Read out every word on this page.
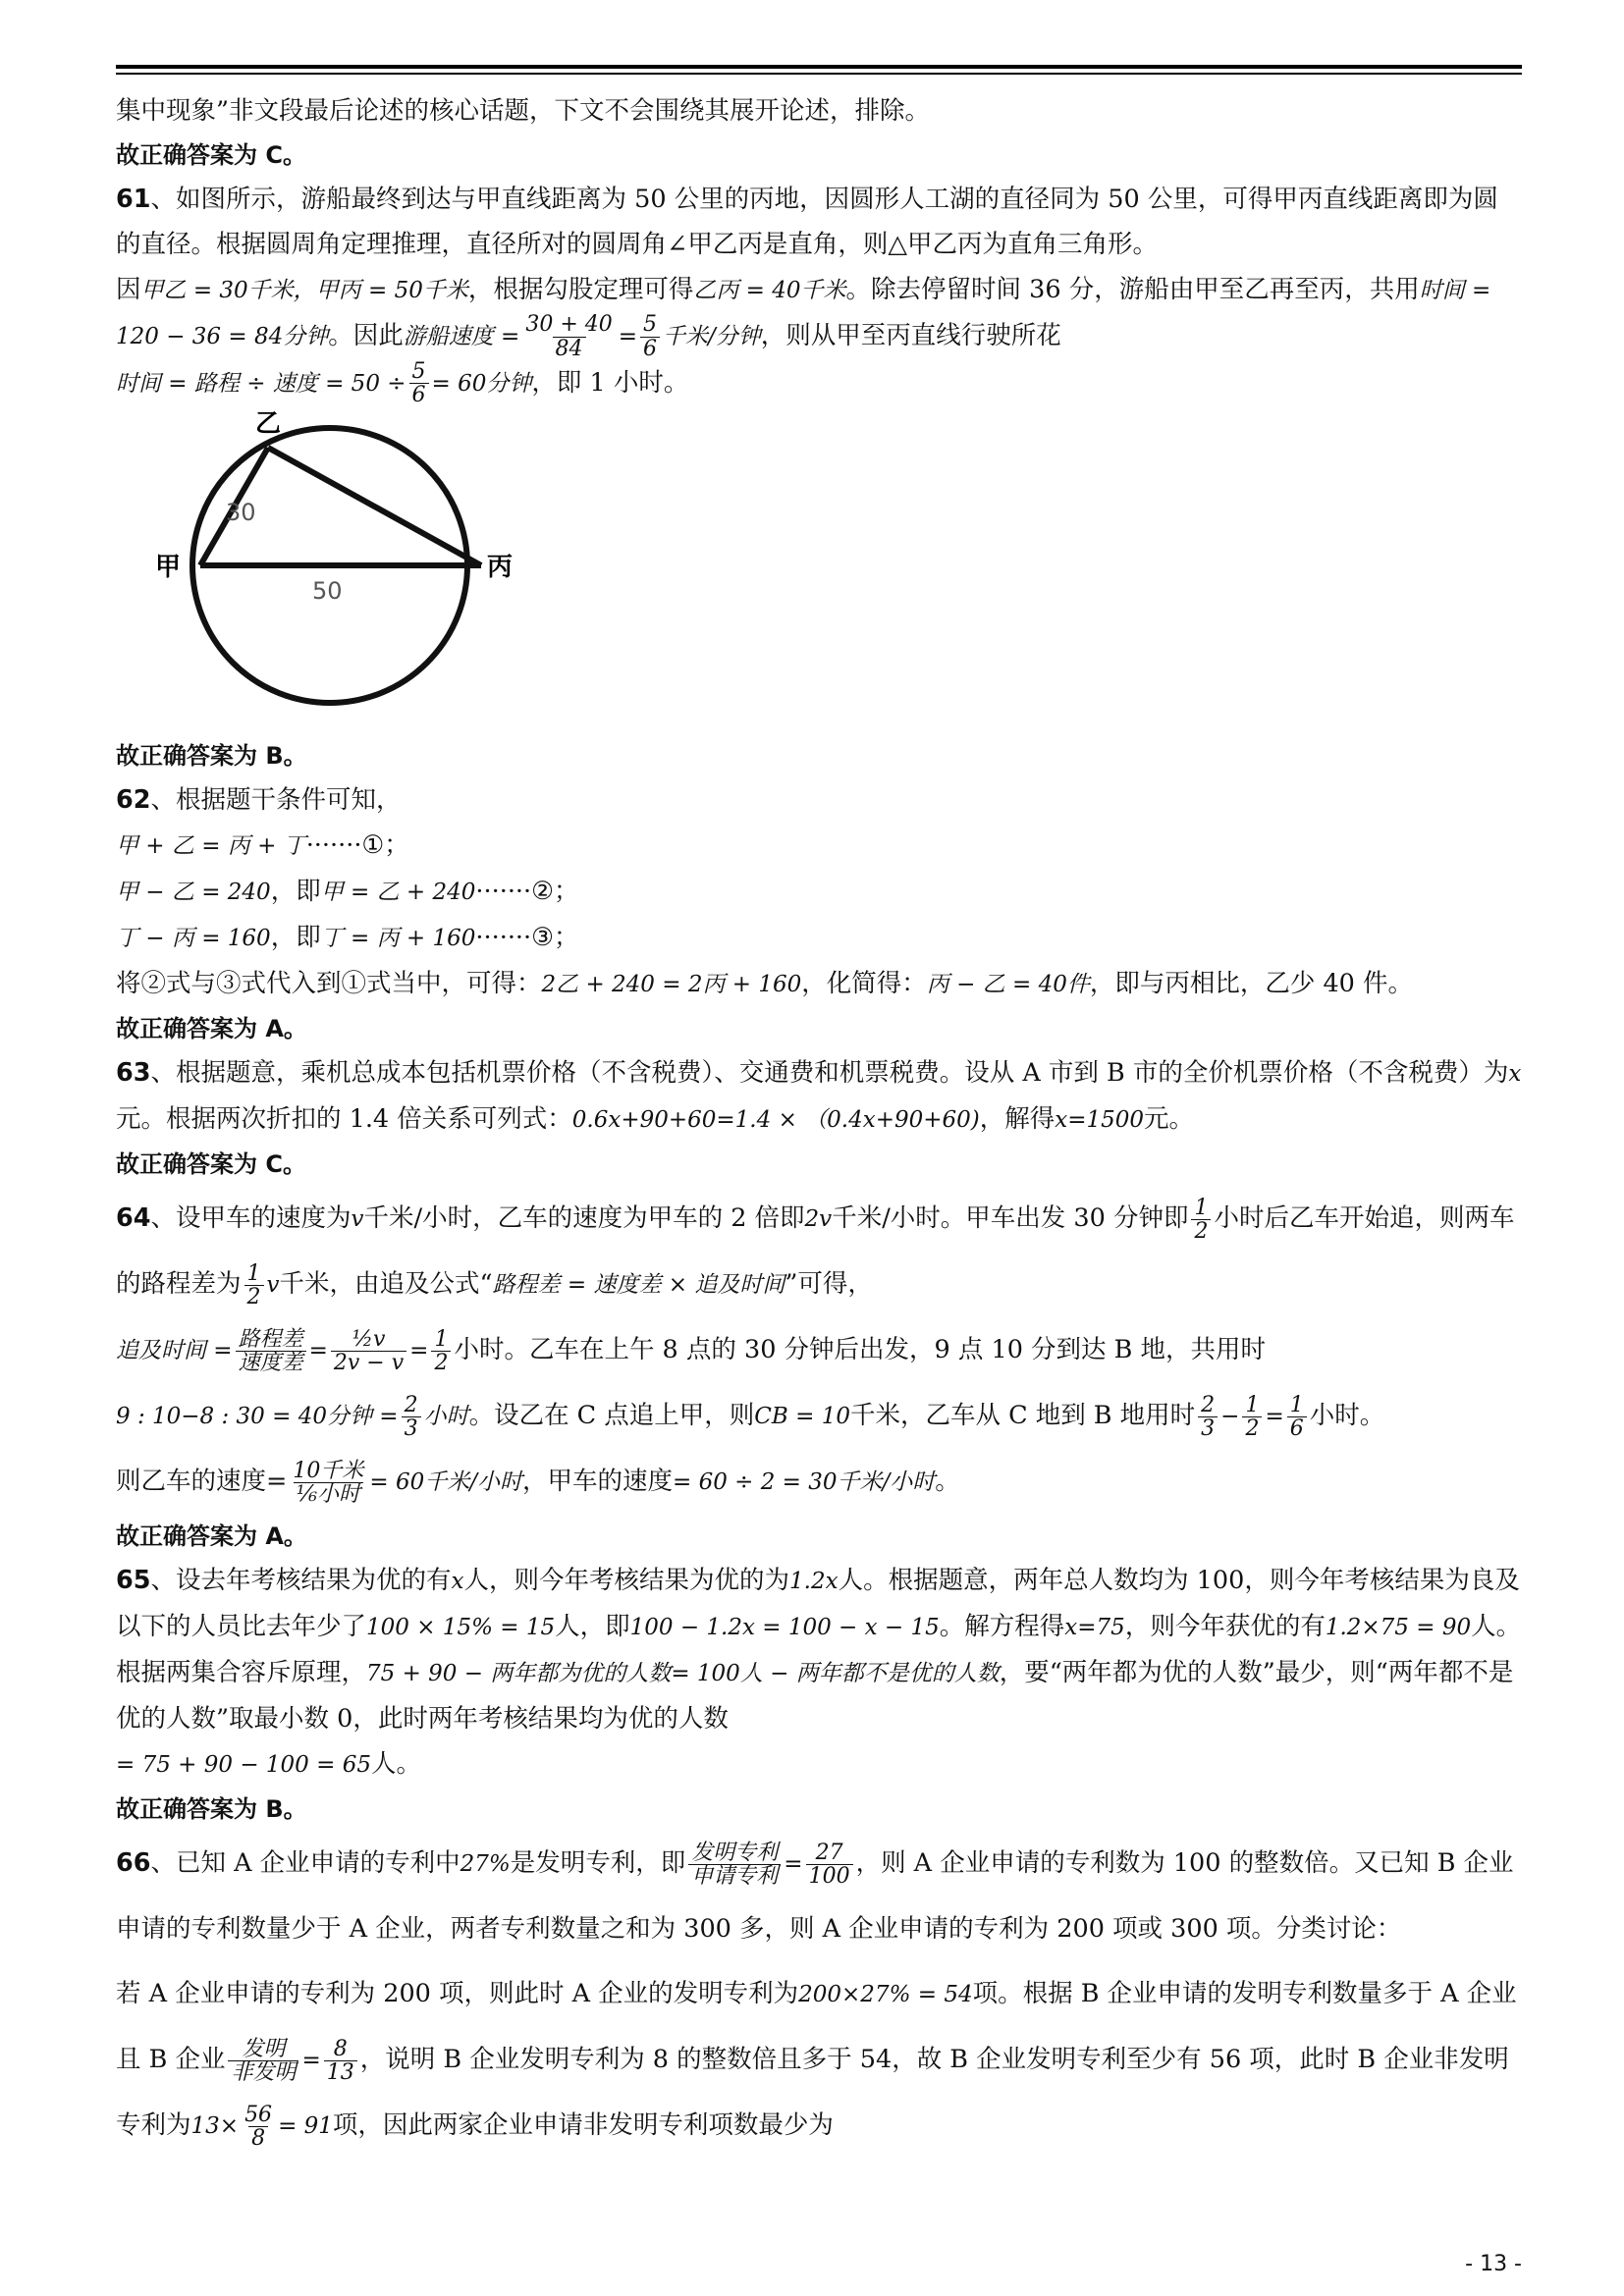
集中现象”非文段最后论述的核心话题，下文不会围绕其展开论述，排除。

故正确答案为 C。

61、如图所示，游船最终到达与甲直线距离为 50 公里的丙地，因圆形人工湖的直径同为 50 公里，可得甲丙直线距离即为圆的直径。根据圆周角定理推理，直径所对的圆周角∠甲乙丙是直角，则△甲乙丙为直角三角形。
因甲乙 = 30千米，甲丙 = 50千米，根据勾股定理可得乙丙 = 40千米。除去停留时间 36 分，游船由甲至乙再至丙，共用时间 = 120 − 36 = 84分钟。因此游船速度 = $\frac{30 + 40}{84} = \frac{5}{6}$ 千米/分钟，则从甲至丙直线行驶所花
时间 = 路程 ÷ 速度 = $50 \div \frac{5}{6} = 60$分钟，即 1 小时。

乙
甲	丙
30
50

故正确答案为 B。

62、根据题干条件可知，
甲 + 乙 = 丙 + 丁·······①；
甲 − 乙 = 240，即甲 = 乙 + 240·······②；
丁 − 丙 = 160，即丁 = 丙 + 160·······③；
将②式与③式代入到①式当中，可得：2乙 + 240 = 2丙 + 160，化简得：丙 − 乙 = 40件，即与丙相比，乙少 40 件。

故正确答案为 A。

63、根据题意，乘机总成本包括机票价格（不含税费）、交通费和机票税费。设从 A 市到 B 市的全价机票价格（不含税费）为x元。根据两次折扣的 1.4 倍关系可列式：0.6x+90+60=1.4 × （0.4x+90+60)，解得x=1500元。

故正确答案为 C。

64、设甲车的速度为v千米/小时，乙车的速度为甲车的 2 倍即2v千米/小时。甲车出发 30 分钟即 $\frac{1}{2}$ 小时后乙车开始追，则两车的路程差为 $\frac{1}{2}$ v千米，由追及公式“路程差 = 速度差 × 追及时间”可得，
追及时间 = $\frac{\text{路程差}}{\text{速度差}} = \frac{\text{½v}}{2v - v} = \frac{1}{2}$ 小时。乙车在上午 8 点的 30 分钟后出发，9 点 10 分到达 B 地，共用时
9 : 10−8 : 30 = 40分钟 = $\frac{2}{3}$ 小时。设乙在 C 点追上甲，则CB = 10千米，乙车从 C 地到 B 地用时 $\frac{2}{3} - \frac{1}{2} = \frac{1}{6}$ 小时。
则乙车的速度= $\frac{\text{10千米}}{\text{⅙小时}} = 60$千米/小时，甲车的速度= 60 ÷ 2 = 30千米/小时。

故正确答案为 A。

65、设去年考核结果为优的有x人，则今年考核结果为优的为1.2x人。根据题意，两年总人数均为 100，则今年考核结果为良及以下的人员比去年少了100 × 15% = 15人，即100 − 1.2x = 100 − x − 15。解方程得x=75，则今年获优的有1.2×75 = 90人。根据两集合容斥原理，75 + 90 − 两年都为优的人数= 100人 − 两年都不是优的人数，要“两年都为优的人数”最少，则“两年都不是优的人数”取最小数 0，此时两年考核结果均为优的人数
= 75 + 90 − 100 = 65人。

故正确答案为 B。

66、已知 A 企业申请的专利中27%是发明专利，即 $\frac{\text{发明专利}}{\text{申请专利}} = \frac{27}{100}$ ，则 A 企业申请的专利数为 100 的整数倍。又已知 B 企业申请的专利数量少于 A 企业，两者专利数量之和为 300 多，则 A 企业申请的专利为 200 项或 300 项。分类讨论：
若 A 企业申请的专利为 200 项，则此时 A 企业的发明专利为200×27% = 54项。根据 B 企业申请的发明专利数量多于 A 企业且 B 企业 $\frac{\text{发明}}{\text{非发明}} = \frac{8}{13}$ ，说明 B 企业发明专利为 8 的整数倍且多于 54，故 B 企业发明专利至少有 56 项，此时 B 企业非发明专利为$13\times \frac{56}{8} = 91$项，因此两家企业申请非发明专利项数最少为

- 13 -
